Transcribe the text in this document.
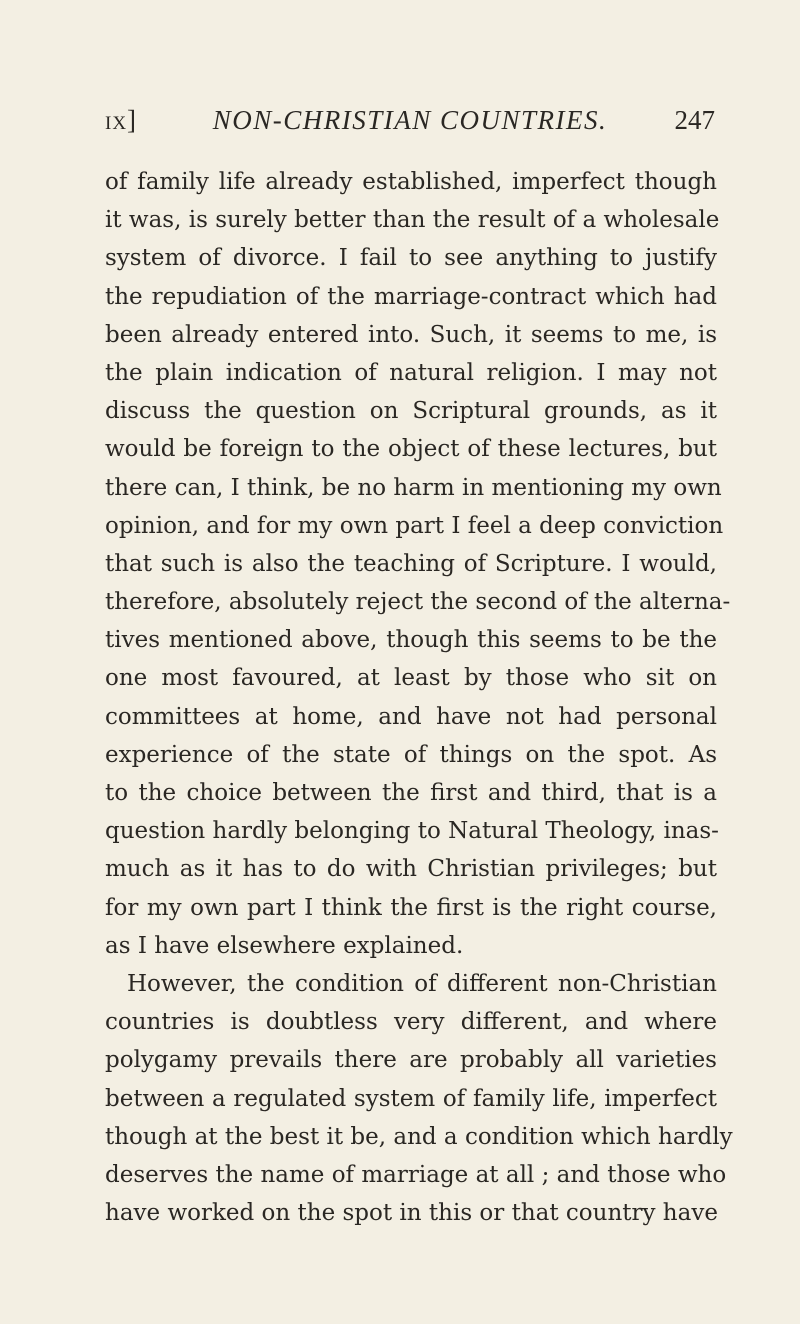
ix]	NON-CHRISTIAN COUNTRIES.	247
of family life already established, imperfect though
it was, is surely better than the result of a wholesale
system of divorce. I fail to see anything to justify
the repudiation of the marriage-contract which had
been already entered into. Such, it seems to me, is
the plain indication of natural religion. I may not
discuss the question on Scriptural grounds, as it
would be foreign to the object of these lectures, but
there can, I think, be no harm in mentioning my own
opinion, and for my own part I feel a deep conviction
that such is also the teaching of Scripture. I would,
therefore, absolutely reject the second of the alterna-
tives mentioned above, though this seems to be the
one most favoured, at least by those who sit on
committees at home, and have not had personal
experience of the state of things on the spot. As
to the choice between the first and third, that is a
question hardly belonging to Natural Theology, inas-
much as it has to do with Christian privileges; but
for my own part I think the first is the right course,
as I have elsewhere explained.
However, the condition of different non-Christian
countries is doubtless very different, and where
polygamy prevails there are probably all varieties
between a regulated system of family life, imperfect
though at the best it be, and a condition which hardly
deserves the name of marriage at all ; and those who
have worked on the spot in this or that country have
